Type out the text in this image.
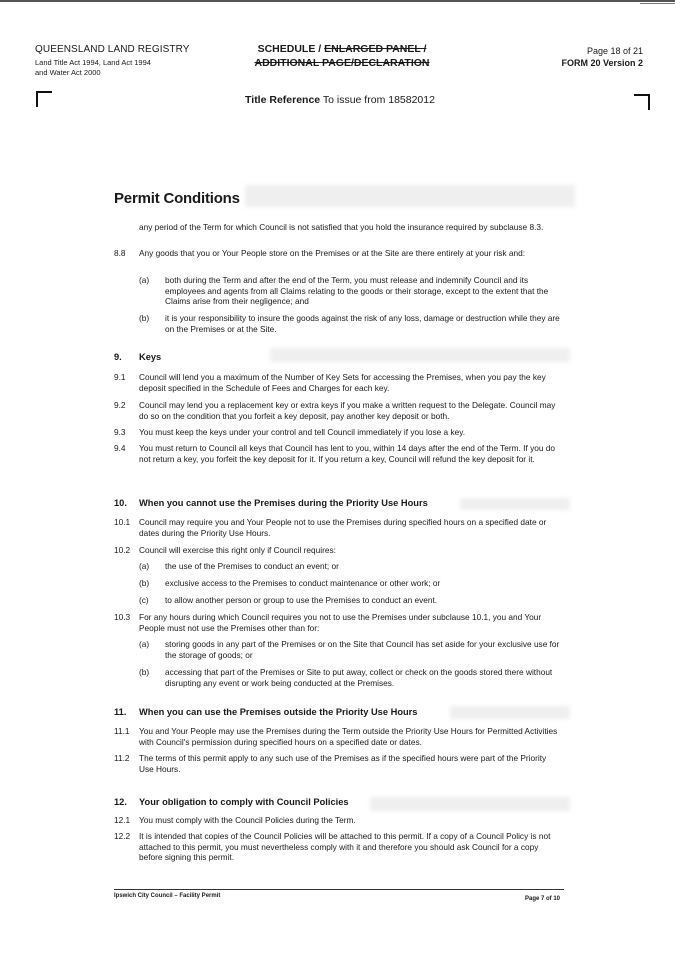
QUEENSLAND LAND REGISTRY
Land Title Act 1994, Land Act 1994
and Water Act 2000
SCHEDULE / ENLARGED PANEL /
ADDITIONAL PAGE/DECLARATION
Page 18 of 21
FORM 20 Version 2
Title Reference To issue from 18582012
Permit Conditions
any period of the Term for which Council is not satisfied that you hold the insurance required by subclause 8.3.
8.8 Any goods that you or Your People store on the Premises or at the Site are there entirely at your risk and:
(a) both during the Term and after the end of the Term, you must release and indemnify Council and its employees and agents from all Claims relating to the goods or their storage, except to the extent that the Claims arise from their negligence; and
(b) it is your responsibility to insure the goods against the risk of any loss, damage or destruction while they are on the Premises or at the Site.
9. Keys
9.1 Council will lend you a maximum of the Number of Key Sets for accessing the Premises, when you pay the key deposit specified in the Schedule of Fees and Charges for each key.
9.2 Council may lend you a replacement key or extra keys if you make a written request to the Delegate. Council may do so on the condition that you forfeit a key deposit, pay another key deposit or both.
9.3 You must keep the keys under your control and tell Council immediately if you lose a key.
9.4 You must return to Council all keys that Council has lent to you, within 14 days after the end of the Term. If you do not return a key, you forfeit the key deposit for it. If you return a key, Council will refund the key deposit for it.
10. When you cannot use the Premises during the Priority Use Hours
10.1 Council may require you and Your People not to use the Premises during specified hours on a specified date or dates during the Priority Use Hours.
10.2 Council will exercise this right only if Council requires:
(a) the use of the Premises to conduct an event; or
(b) exclusive access to the Premises to conduct maintenance or other work; or
(c) to allow another person or group to use the Premises to conduct an event.
10.3 For any hours during which Council requires you not to use the Premises under subclause 10.1, you and Your People must not use the Premises other than for:
(a) storing goods in any part of the Premises or on the Site that Council has set aside for your exclusive use for the storage of goods; or
(b) accessing that part of the Premises or Site to put away, collect or check on the goods stored there without disrupting any event or work being conducted at the Premises.
11. When you can use the Premises outside the Priority Use Hours
11.1 You and Your People may use the Premises during the Term outside the Priority Use Hours for Permitted Activities with Council's permission during specified hours on a specified date or dates.
11.2 The terms of this permit apply to any such use of the Premises as if the specified hours were part of the Priority Use Hours.
12. Your obligation to comply with Council Policies
12.1 You must comply with the Council Policies during the Term.
12.2 It is intended that copies of the Council Policies will be attached to this permit. If a copy of a Council Policy is not attached to this permit, you must nevertheless comply with it and therefore you should ask Council for a copy before signing this permit.
Ipswich City Council – Facility Permit	Page 7 of 10
